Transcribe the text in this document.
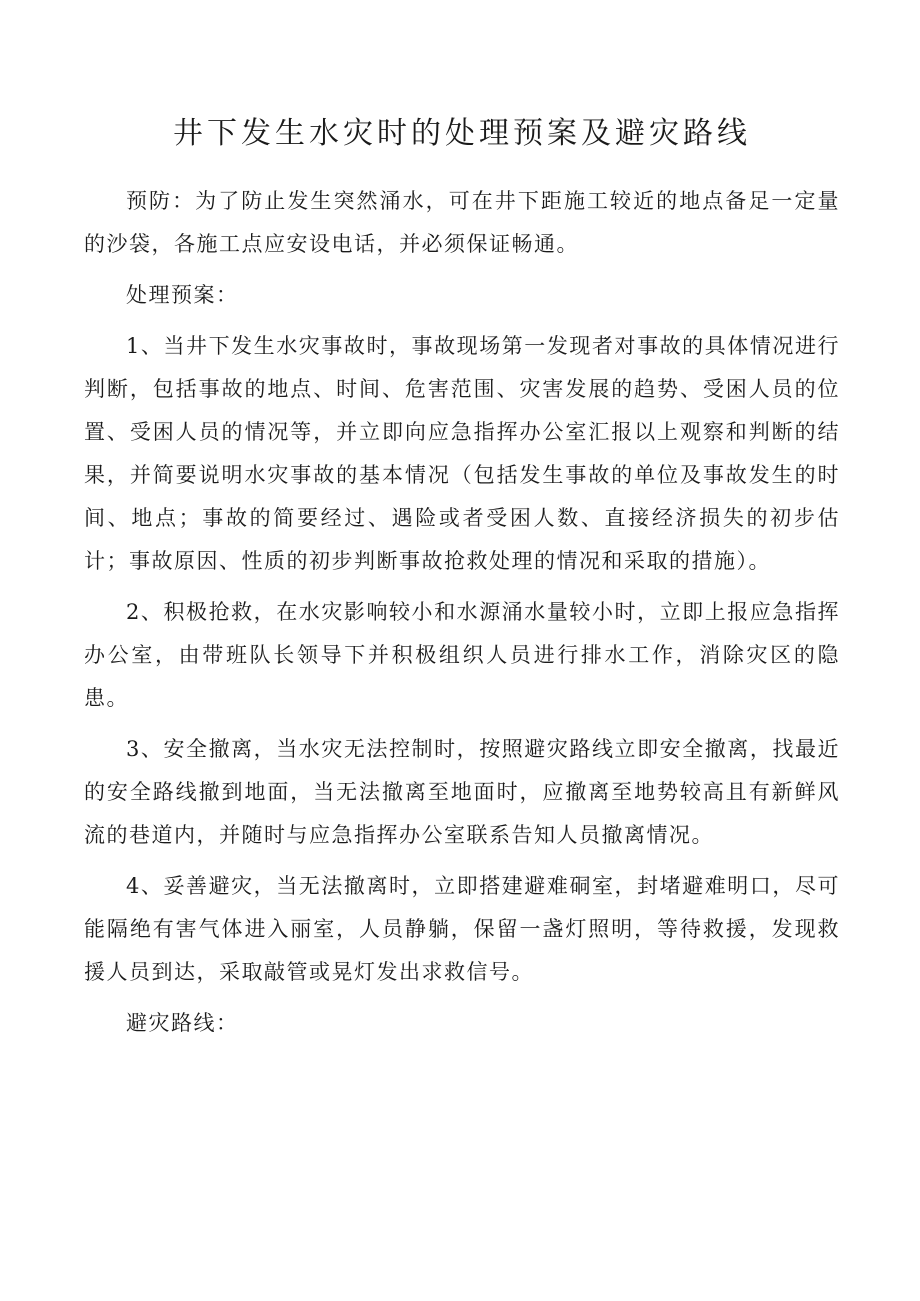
井下发生水灾时的处理预案及避灾路线

预防：为了防止发生突然涌水，可在井下距施工较近的地点备足一定量的沙袋，各施工点应安设电话，并必须保证畅通。

处理预案：

1、当井下发生水灾事故时，事故现场第一发现者对事故的具体情况进行判断，包括事故的地点、时间、危害范围、灾害发展的趋势、受困人员的位置、受困人员的情况等，并立即向应急指挥办公室汇报以上观察和判断的结果，并简要说明水灾事故的基本情况（包括发生事故的单位及事故发生的时间、地点；事故的简要经过、遇险或者受困人数、直接经济损失的初步估计；事故原因、性质的初步判断事故抢救处理的情况和采取的措施）。

2、积极抢救，在水灾影响较小和水源涌水量较小时，立即上报应急指挥办公室，由带班队长领导下并积极组织人员进行排水工作，消除灾区的隐患。

3、安全撤离，当水灾无法控制时，按照避灾路线立即安全撤离，找最近的安全路线撤到地面，当无法撤离至地面时，应撤离至地势较高且有新鲜风流的巷道内，并随时与应急指挥办公室联系告知人员撤离情况。

4、妥善避灾，当无法撤离时，立即搭建避难硐室，封堵避难明口，尽可能隔绝有害气体进入丽室，人员静躺，保留一盏灯照明，等待救援，发现救援人员到达，采取敲管或晃灯发出求救信号。

避灾路线：
